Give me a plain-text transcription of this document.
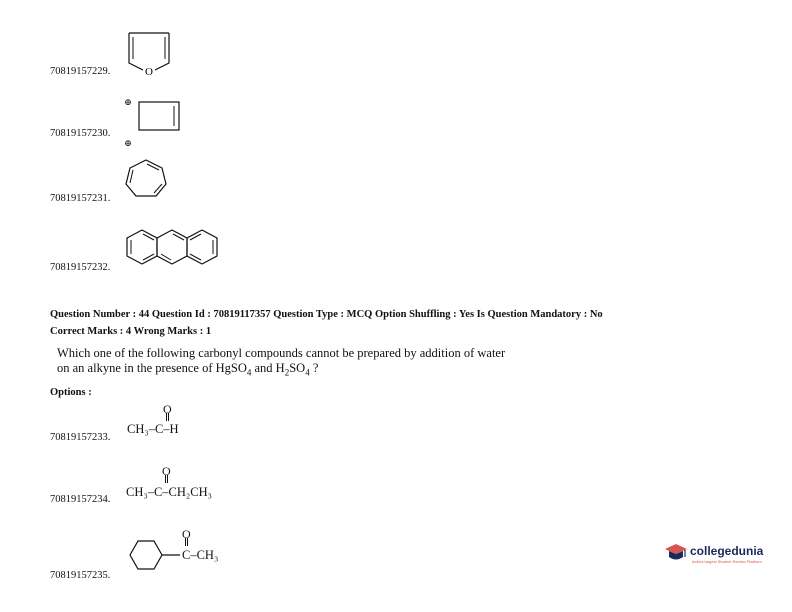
70819157229.	O
70819157230.
⊕
⊕
70819157231.
70819157232.
Question Number : 44 Question Id : 70819117357 Question Type : MCQ Option Shuffling : Yes Is Question Mandatory : No
Correct Marks : 4 Wrong Marks : 1
Which one of the following carbonyl compounds cannot be prepared by addition of water
on an alkyne in the presence of HgSO$_4$ and $H_2SO_4$ ?
Options :
70819157233.
O
CH₃–C–H
70819157234.
O
CH₃–C–CH₂CH₃
70819157235.
O
C–CH₃	collegedunia
India's largest Student Review Platform
